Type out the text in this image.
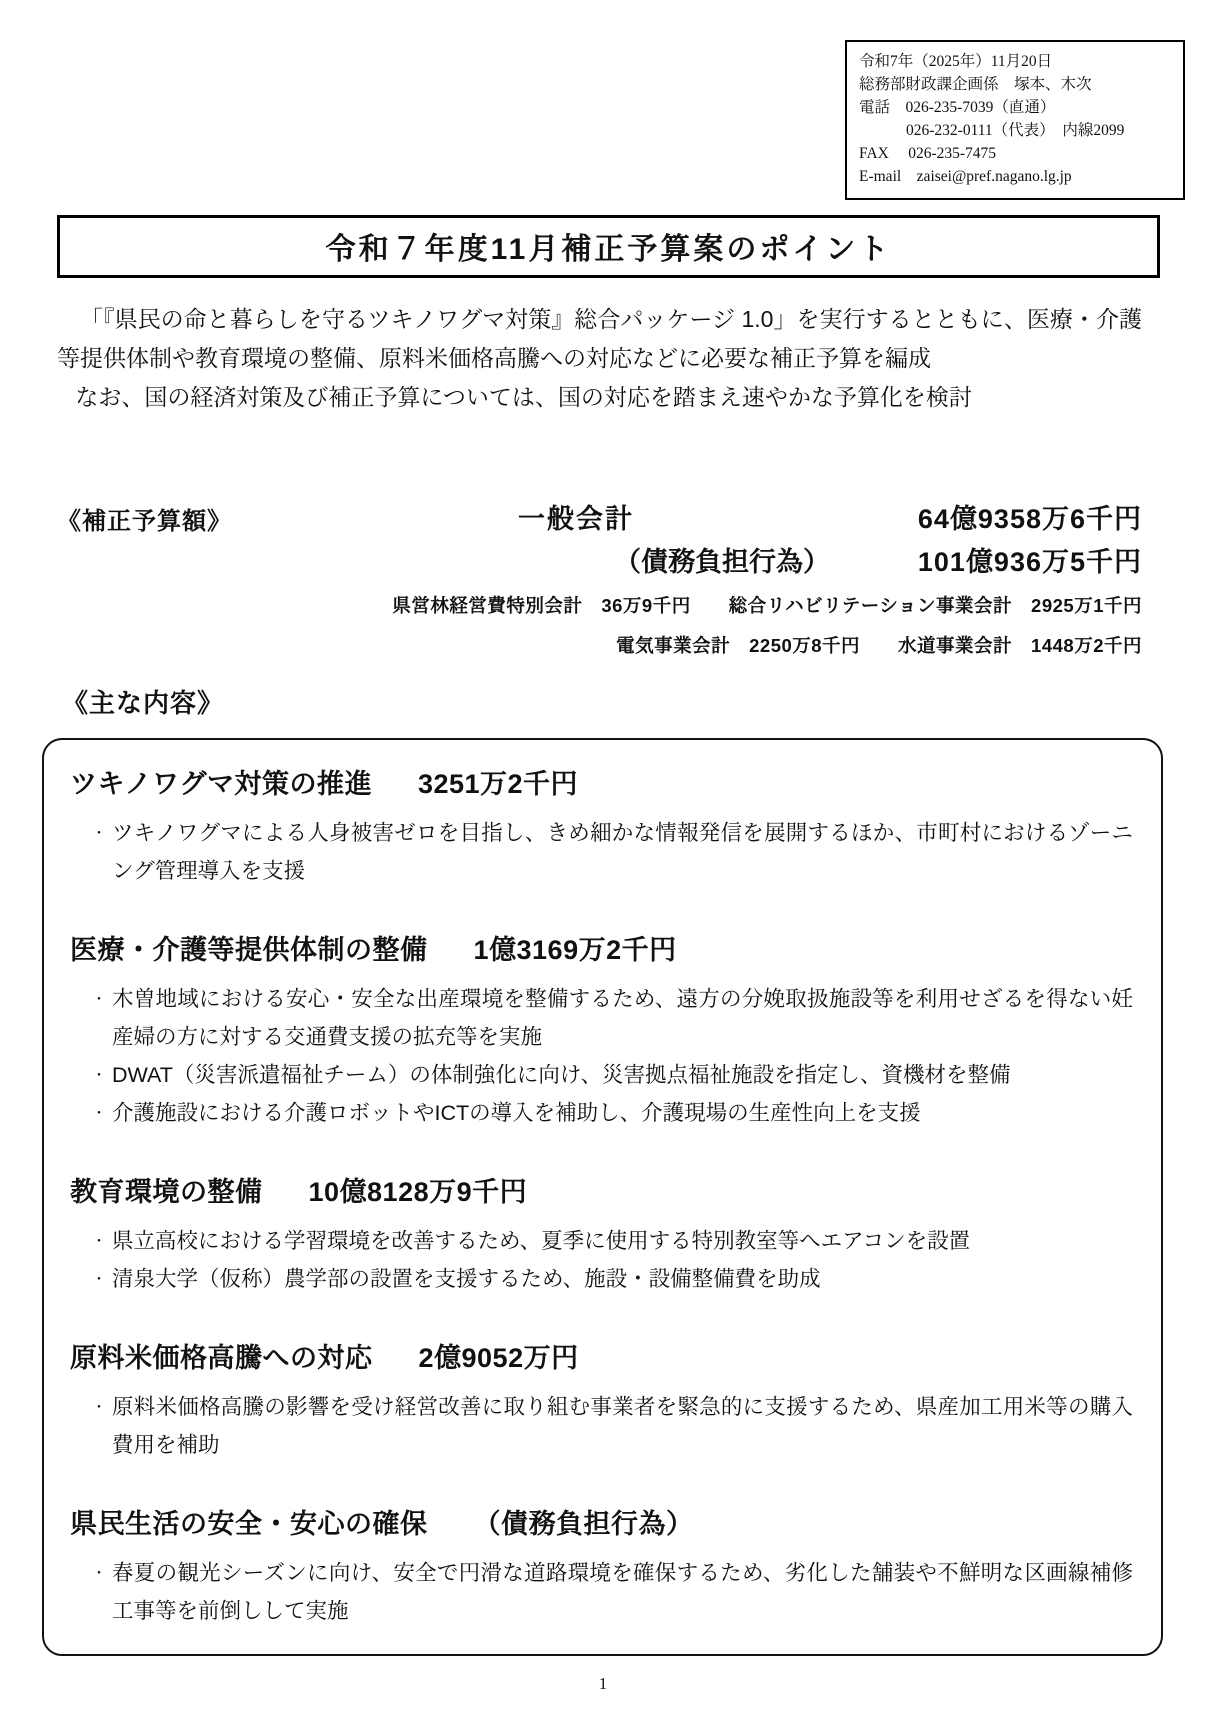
令和7年（2025年）11月20日
総務部財政課企画係　塚本、木次
電話　026-235-7039（直通）
026-232-0111（代表）　内線2099
FAX　 026-235-7475
E-mail　zaisei@pref.nagano.lg.jp
令和７年度11月補正予算案のポイント

「『県民の命と暮らしを守るツキノワグマ対策』総合パッケージ 1.0」を実行するとともに、医療・介護等提供体制や教育環境の整備、原料米価格高騰への対応などに必要な補正予算を編成

なお、国の経済対策及び補正予算については、国の対応を踏まえ速やかな予算化を検討

《補正予算額》	一般会計	64億9358万6千円
（債務負担行為）	101億936万5千円
県営林経営費特別会計　36万9千円　　総合リハビリテーション事業会計　2925万1千円
電気事業会計　2250万8千円　　水道事業会計　1448万2千円
《主な内容》
ツキノワグマ対策の推進 3251万2千円
・ ツキノワグマによる人身被害ゼロを目指し、きめ細かな情報発信を展開するほか、市町村におけるゾーニング管理導入を支援
医療・介護等提供体制の整備 1億3169万2千円
・ 木曽地域における安心・安全な出産環境を整備するため、遠方の分娩取扱施設等を利用せざるを得ない妊産婦の方に対する交通費支援の拡充等を実施
・ DWAT（災害派遣福祉チーム）の体制強化に向け、災害拠点福祉施設を指定し、資機材を整備
・ 介護施設における介護ロボットやICTの導入を補助し、介護現場の生産性向上を支援
教育環境の整備 10億8128万9千円
・ 県立高校における学習環境を改善するため、夏季に使用する特別教室等へエアコンを設置
・ 清泉大学（仮称）農学部の設置を支援するため、施設・設備整備費を助成
原料米価格高騰への対応 2億9052万円
・ 原料米価格高騰の影響を受け経営改善に取り組む事業者を緊急的に支援するため、県産加工用米等の購入費用を補助
県民生活の安全・安心の確保 （債務負担行為）
・ 春夏の観光シーズンに向け、安全で円滑な道路環境を確保するため、劣化した舗装や不鮮明な区画線補修工事等を前倒しして実施
1
